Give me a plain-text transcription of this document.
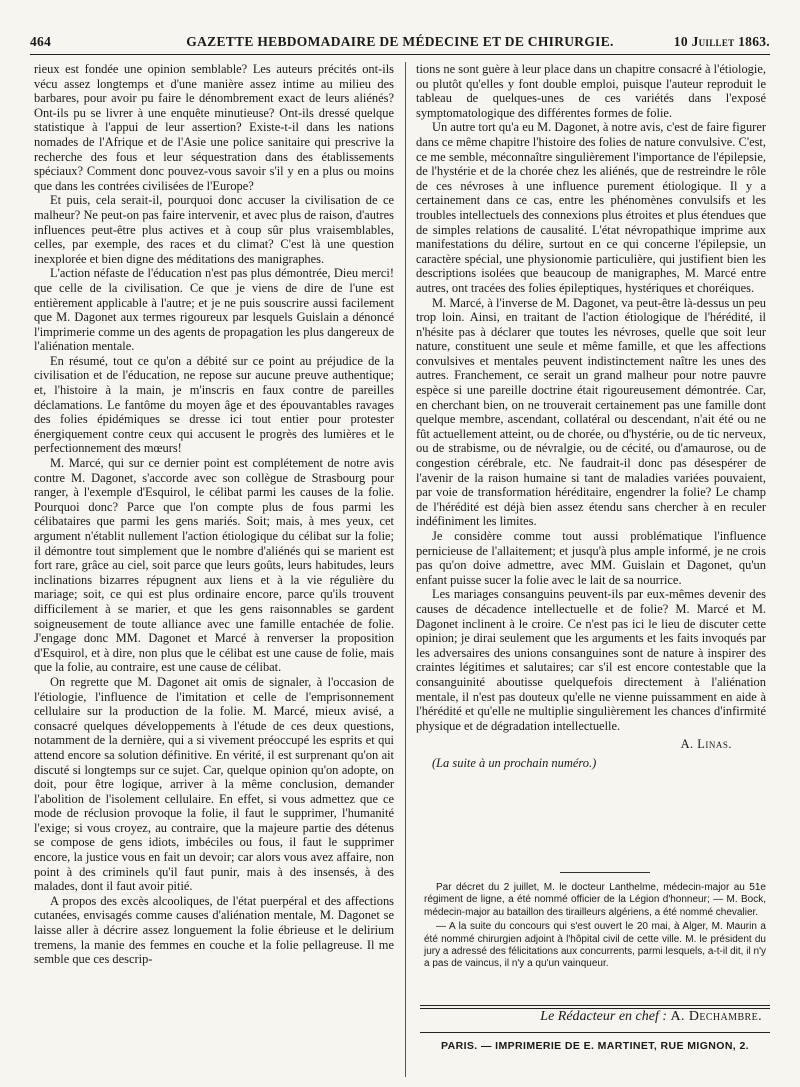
464	GAZETTE HEBDOMADAIRE DE MÉDECINE ET DE CHIRURGIE.	10 Juillet 1863.

rieux est fondée une opinion semblable? Les auteurs précités ont-ils vécu assez longtemps et d'une manière assez intime au milieu des barbares, pour avoir pu faire le dénombrement exact de leurs aliénés? Ont-ils pu se livrer à une enquête minutieuse? Ont-ils dressé quelque statistique à l'appui de leur assertion? Existe-t-il dans les nations nomades de l'Afrique et de l'Asie une police sanitaire qui prescrive la recherche des fous et leur séquestration dans des établissements spéciaux? Comment donc pouvez-vous savoir s'il y en a plus ou moins que dans les contrées civilisées de l'Europe?

Et puis, cela serait-il, pourquoi donc accuser la civilisation de ce malheur? Ne peut-on pas faire intervenir, et avec plus de raison, d'autres influences peut-être plus actives et à coup sûr plus vraisemblables, celles, par exemple, des races et du climat? C'est là une question inexplorée et bien digne des méditations des manigraphes.

L'action néfaste de l'éducation n'est pas plus démontrée, Dieu merci! que celle de la civilisation. Ce que je viens de dire de l'une est entièrement applicable à l'autre; et je ne puis souscrire aussi facilement que M. Dagonet aux termes rigoureux par lesquels Guislain a dénoncé l'imprimerie comme un des agents de propagation les plus dangereux de l'aliénation mentale.

En résumé, tout ce qu'on a débité sur ce point au préjudice de la civilisation et de l'éducation, ne repose sur aucune preuve authentique; et, l'histoire à la main, je m'inscris en faux contre de pareilles déclamations. Le fantôme du moyen âge et des épouvantables ravages des folies épidémiques se dresse ici tout entier pour protester énergiquement contre ceux qui accusent le progrès des lumières et le perfectionnement des mœurs!

M. Marcé, qui sur ce dernier point est complétement de notre avis contre M. Dagonet, s'accorde avec son collègue de Strasbourg pour ranger, à l'exemple d'Esquirol, le célibat parmi les causes de la folie. Pourquoi donc? Parce que l'on compte plus de fous parmi les célibataires que parmi les gens mariés. Soit; mais, à mes yeux, cet argument n'établit nullement l'action étiologique du célibat sur la folie; il démontre tout simplement que le nombre d'aliénés qui se marient est fort rare, grâce au ciel, soit parce que leurs goûts, leurs habitudes, leurs inclinations bizarres répugnent aux liens et à la vie régulière du mariage; soit, ce qui est plus ordinaire encore, parce qu'ils trouvent difficilement à se marier, et que les gens raisonnables se gardent soigneusement de toute alliance avec une famille entachée de folie. J'engage donc MM. Dagonet et Marcé à renverser la proposition d'Esquirol, et à dire, non plus que le célibat est une cause de folie, mais que la folie, au contraire, est une cause de célibat.

On regrette que M. Dagonet ait omis de signaler, à l'occasion de l'étiologie, l'influence de l'imitation et celle de l'emprisonnement cellulaire sur la production de la folie. M. Marcé, mieux avisé, a consacré quelques développements à l'étude de ces deux questions, notamment de la dernière, qui a si vivement préoccupé les esprits et qui attend encore sa solution définitive. En vérité, il est surprenant qu'on ait discuté si longtemps sur ce sujet. Car, quelque opinion qu'on adopte, on doit, pour être logique, arriver à la même conclusion, demander l'abolition de l'isolement cellulaire. En effet, si vous admettez que ce mode de réclusion provoque la folie, il faut le supprimer, l'humanité l'exige; si vous croyez, au contraire, que la majeure partie des détenus se compose de gens idiots, imbéciles ou fous, il faut le supprimer encore, la justice vous en fait un devoir; car alors vous avez affaire, non point à des criminels qu'il faut punir, mais à des insensés, à des malades, dont il faut avoir pitié.

A propos des excès alcooliques, de l'état puerpéral et des affections cutanées, envisagés comme causes d'aliénation mentale, M. Dagonet se laisse aller à décrire assez longuement la folie ébrieuse et le delirium tremens, la manie des femmes en couche et la folie pellagreuse. Il me semble que ces descrip-

tions ne sont guère à leur place dans un chapitre consacré à l'étiologie, ou plutôt qu'elles y font double emploi, puisque l'auteur reproduit le tableau de quelques-unes de ces variétés dans l'exposé symptomatologique des différentes formes de folie.

Un autre tort qu'a eu M. Dagonet, à notre avis, c'est de faire figurer dans ce même chapitre l'histoire des folies de nature convulsive. C'est, ce me semble, méconnaître singulièrement l'importance de l'épilepsie, de l'hystérie et de la chorée chez les aliénés, que de restreindre le rôle de ces névroses à une influence purement étiologique. Il y a certainement dans ce cas, entre les phénomènes convulsifs et les troubles intellectuels des connexions plus étroites et plus étendues que de simples relations de causalité. L'état névropathique imprime aux manifestations du délire, surtout en ce qui concerne l'épilepsie, un caractère spécial, une physionomie particulière, qui justifient bien les descriptions isolées que beaucoup de manigraphes, M. Marcé entre autres, ont tracées des folies épileptiques, hystériques et choréiques.

M. Marcé, à l'inverse de M. Dagonet, va peut-être là-dessus un peu trop loin. Ainsi, en traitant de l'action étiologique de l'hérédité, il n'hésite pas à déclarer que toutes les névroses, quelle que soit leur nature, constituent une seule et même famille, et que les affections convulsives et mentales peuvent indistinctement naître les unes des autres. Franchement, ce serait un grand malheur pour notre pauvre espèce si une pareille doctrine était rigoureusement démontrée. Car, en cherchant bien, on ne trouverait certainement pas une famille dont quelque membre, ascendant, collatéral ou descendant, n'ait été ou ne fût actuellement atteint, ou de chorée, ou d'hystérie, ou de tic nerveux, ou de strabisme, ou de névralgie, ou de cécité, ou d'amaurose, ou de congestion cérébrale, etc. Ne faudrait-il donc pas désespérer de l'avenir de la raison humaine si tant de maladies variées pouvaient, par voie de transformation héréditaire, engendrer la folie? Le champ de l'hérédité est déjà bien assez étendu sans chercher à en reculer indéfiniment les limites.

Je considère comme tout aussi problématique l'influence pernicieuse de l'allaitement; et jusqu'à plus ample informé, je ne crois pas qu'on doive admettre, avec MM. Guislain et Dagonet, qu'un enfant puisse sucer la folie avec le lait de sa nourrice.

Les mariages consanguins peuvent-ils par eux-mêmes devenir des causes de décadence intellectuelle et de folie? M. Marcé et M. Dagonet inclinent à le croire. Ce n'est pas ici le lieu de discuter cette opinion; je dirai seulement que les arguments et les faits invoqués par les adversaires des unions consanguines sont de nature à inspirer des craintes légitimes et salutaires; car s'il est encore contestable que la consanguinité aboutisse quelquefois directement à l'aliénation mentale, il n'est pas douteux qu'elle ne vienne puissamment en aide à l'hérédité et qu'elle ne multiplie singulièrement les chances d'infirmité physique et de dégradation intellectuelle.

A. Linas.
(La suite à un prochain numéro.)

Par décret du 2 juillet, M. le docteur Lanthelme, médecin-major au 51e régiment de ligne, a été nommé officier de la Légion d'honneur; — M. Bock, médecin-major au bataillon des tirailleurs algériens, a été nommé chevalier.

— A la suite du concours qui s'est ouvert le 20 mai, à Alger, M. Maurin a été nommé chirurgien adjoint à l'hôpital civil de cette ville. M. le président du jury a adressé des félicitations aux concurrents, parmi lesquels, a-t-il dit, il n'y a pas de vaincus, il n'y a qu'un vainqueur.

Le Rédacteur en chef : A. Dechambre.
PARIS. — IMPRIMERIE DE E. MARTINET, RUE MIGNON, 2.
